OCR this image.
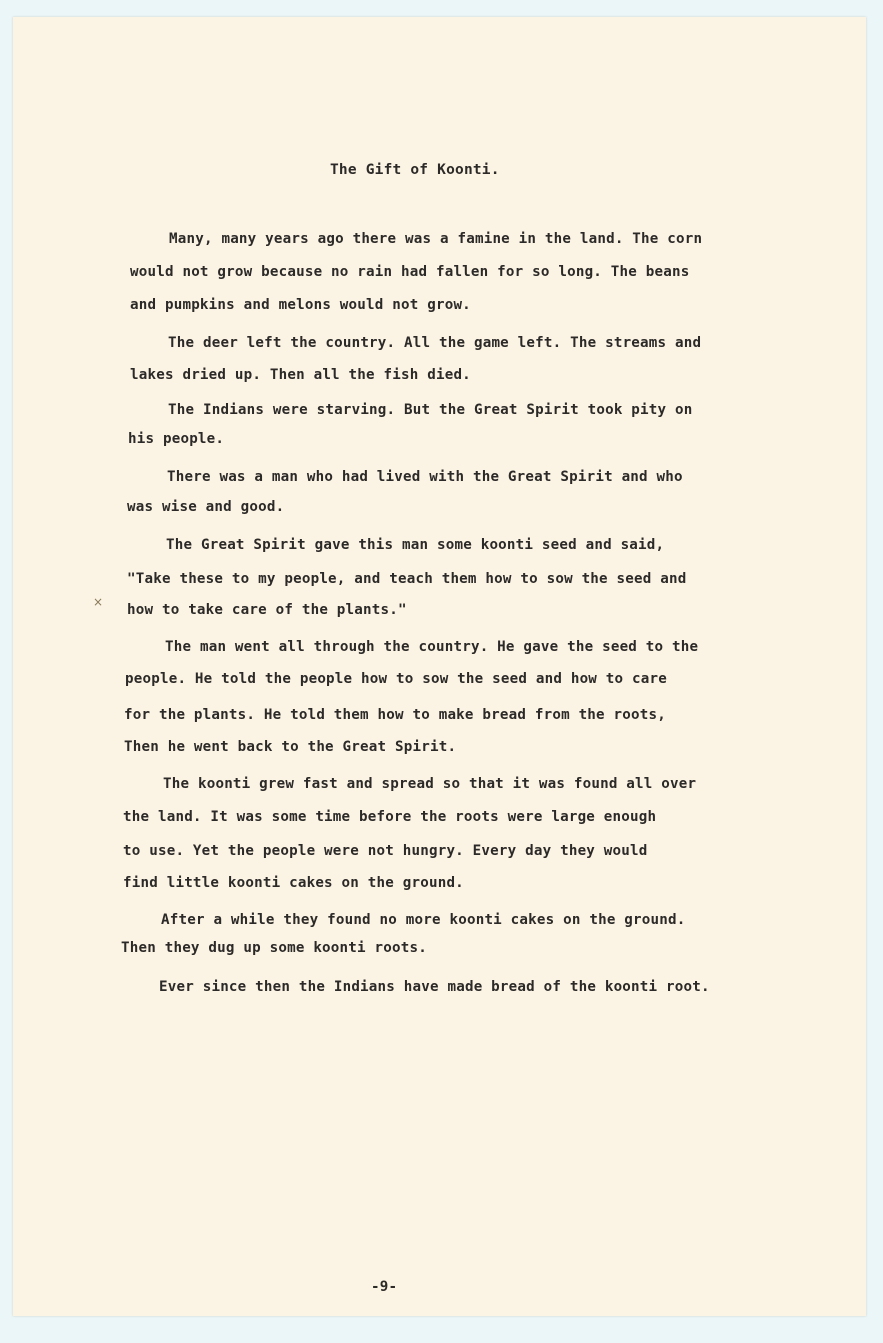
The Gift of Koonti.
Many, many years ago there was a famine in the land. The corn
would not grow because no rain had fallen for so long. The beans
and pumpkins and melons would not grow.
The deer left the country. All the game left. The streams and
lakes dried up. Then all the fish died.
The Indians were starving. But the Great Spirit took pity on
his people.
There was a man who had lived with the Great Spirit and who
was wise and good.
The Great Spirit gave this man some koonti seed and said,
"Take these to my people, and teach them how to sow the seed and
how to take care of the plants."
The man went all through the country. He gave the seed to the
people. He told the people how to sow the seed and how to care
for the plants. He told them how to make bread from the roots,
Then he went back to the Great Spirit.
The koonti grew fast and spread so that it was found all over
the land. It was some time before the roots were large enough
to use. Yet the people were not hungry. Every day they would
find little koonti cakes on the ground.
After a while they found no more koonti cakes on the ground.
Then they dug up some koonti roots.
Ever since then the Indians have made bread of the koonti root.
×
-9-
